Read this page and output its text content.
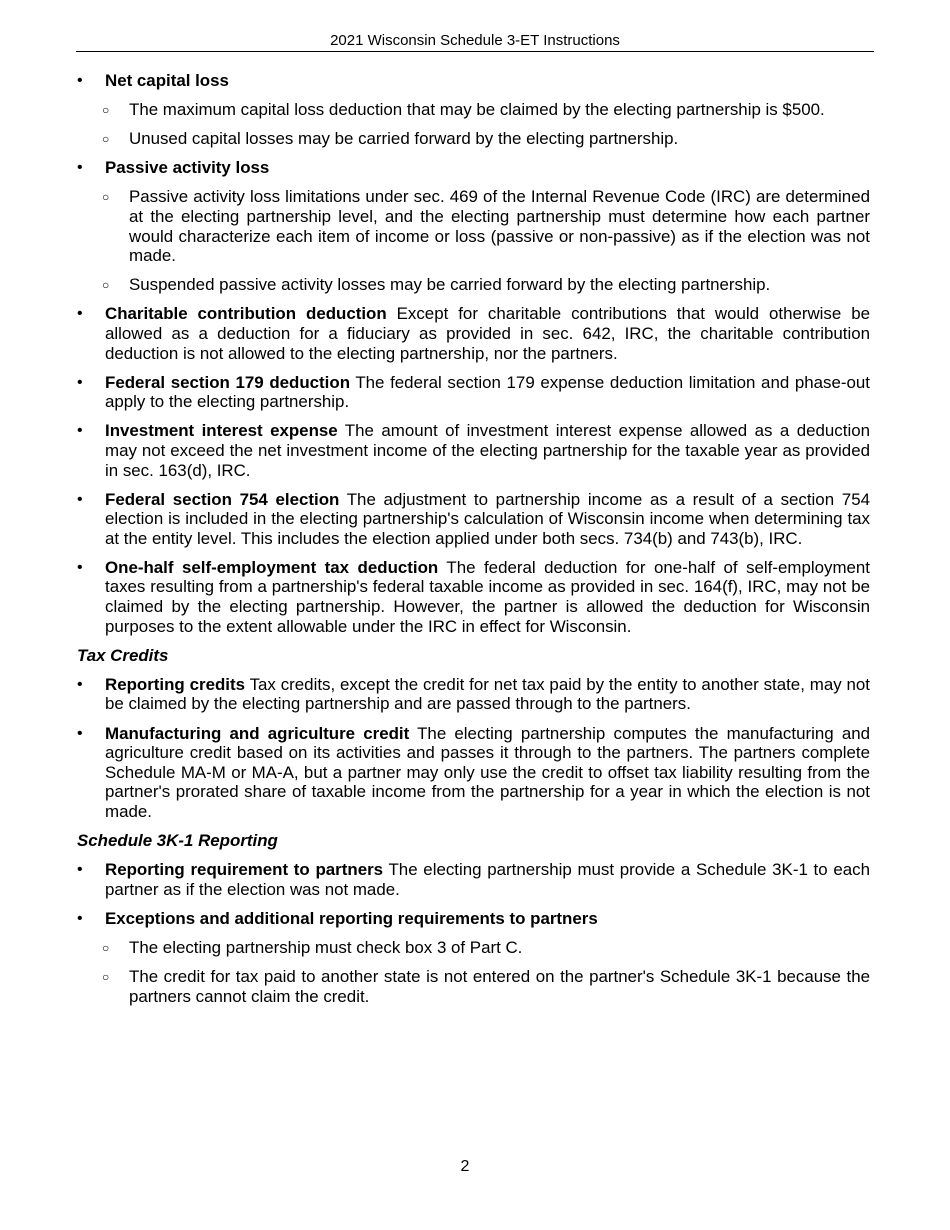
2021 Wisconsin Schedule 3-ET Instructions
• Net capital loss
○ The maximum capital loss deduction that may be claimed by the electing partnership is $500.
○ Unused capital losses may be carried forward by the electing partnership.
• Passive activity loss
○ Passive activity loss limitations under sec. 469 of the Internal Revenue Code (IRC) are determined at the electing partnership level, and the electing partnership must determine how each partner would characterize each item of income or loss (passive or non-passive) as if the election was not made.
○ Suspended passive activity losses may be carried forward by the electing partnership.
• Charitable contribution deduction Except for charitable contributions that would otherwise be allowed as a deduction for a fiduciary as provided in sec. 642, IRC, the charitable contribution deduction is not allowed to the electing partnership, nor the partners.
• Federal section 179 deduction The federal section 179 expense deduction limitation and phase-out apply to the electing partnership.
• Investment interest expense The amount of investment interest expense allowed as a deduction may not exceed the net investment income of the electing partnership for the taxable year as provided in sec. 163(d), IRC.
• Federal section 754 election The adjustment to partnership income as a result of a section 754 election is included in the electing partnership's calculation of Wisconsin income when determining tax at the entity level. This includes the election applied under both secs. 734(b) and 743(b), IRC.
• One-half self-employment tax deduction The federal deduction for one-half of self-employment taxes resulting from a partnership's federal taxable income as provided in sec. 164(f), IRC, may not be claimed by the electing partnership. However, the partner is allowed the deduction for Wisconsin purposes to the extent allowable under the IRC in effect for Wisconsin.
Tax Credits
• Reporting credits Tax credits, except the credit for net tax paid by the entity to another state, may not be claimed by the electing partnership and are passed through to the partners.
• Manufacturing and agriculture credit The electing partnership computes the manufacturing and agriculture credit based on its activities and passes it through to the partners. The partners complete Schedule MA-M or MA-A, but a partner may only use the credit to offset tax liability resulting from the partner's prorated share of taxable income from the partnership for a year in which the election is not made.
Schedule 3K-1 Reporting
• Reporting requirement to partners The electing partnership must provide a Schedule 3K-1 to each partner as if the election was not made.
• Exceptions and additional reporting requirements to partners
○ The electing partnership must check box 3 of Part C.
○ The credit for tax paid to another state is not entered on the partner's Schedule 3K-1 because the partners cannot claim the credit.
2
